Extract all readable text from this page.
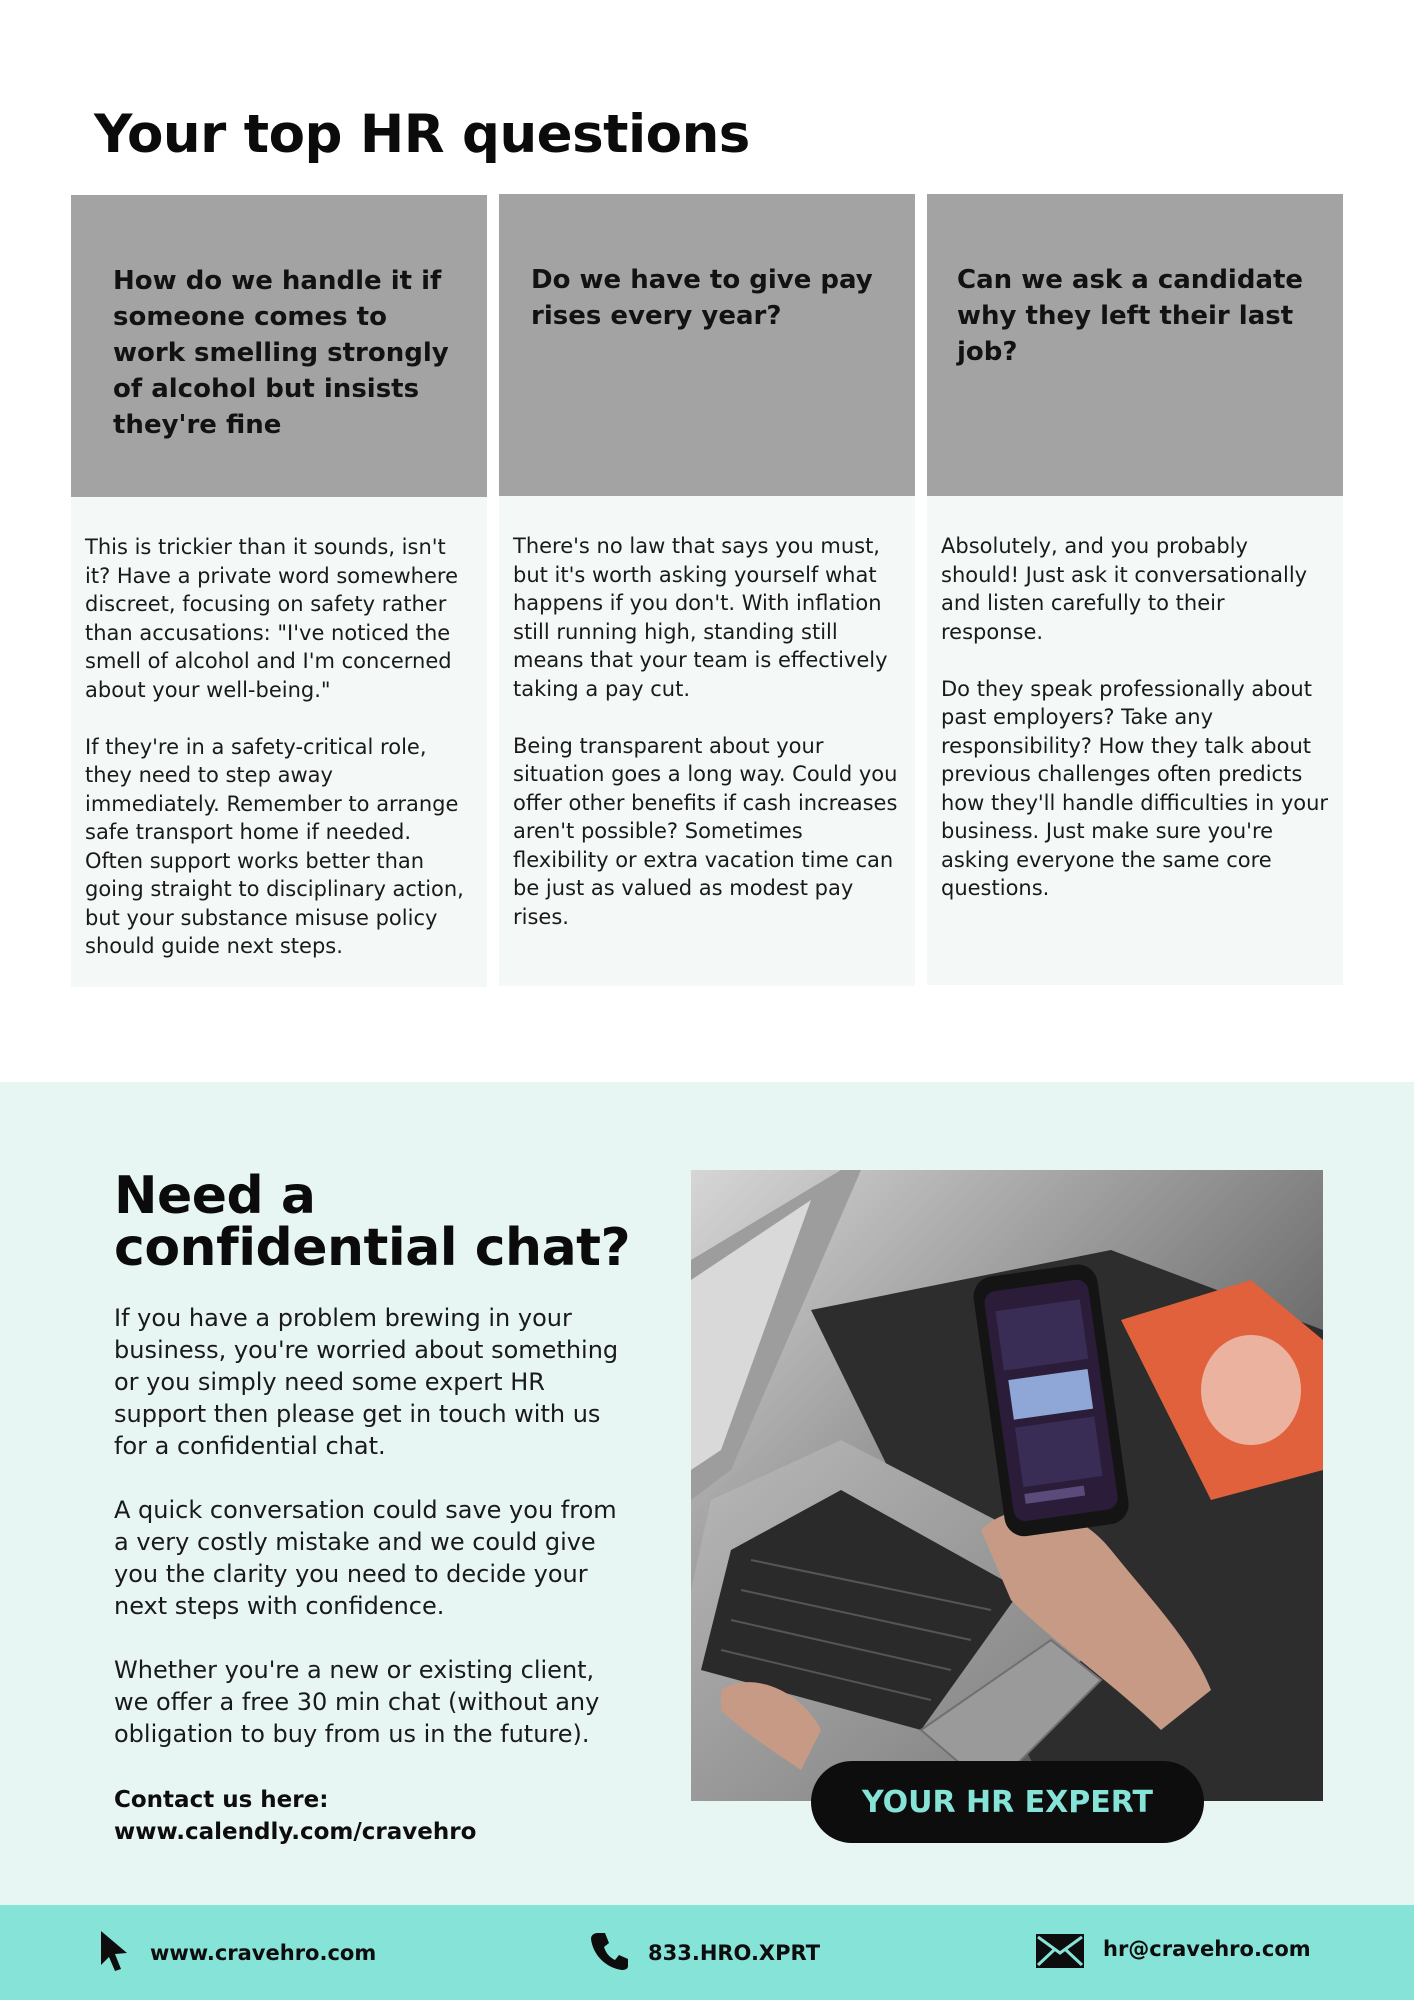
Your top HR questions
How do we handle it if someone comes to work smelling strongly of alcohol but insists they're fine

This is trickier than it sounds, isn't it? Have a private word somewhere discreet, focusing on safety rather than accusations: "I've noticed the smell of alcohol and I'm concerned about your well-being."

If they're in a safety-critical role, they need to step away immediately. Remember to arrange safe transport home if needed. Often support works better than going straight to disciplinary action, but your substance misuse policy should guide next steps.

Do we have to give pay rises every year?

There's no law that says you must, but it's worth asking yourself what happens if you don't. With inflation still running high, standing still means that your team is effectively taking a pay cut.

Being transparent about your situation goes a long way. Could you offer other benefits if cash increases aren't possible? Sometimes flexibility or extra vacation time can be just as valued as modest pay rises.

Can we ask a candidate why they left their last job?

Absolutely, and you probably should! Just ask it conversationally and listen carefully to their response.

Do they speak professionally about past employers? Take any responsibility? How they talk about previous challenges often predicts how they'll handle difficulties in your business. Just make sure you're asking everyone the same core questions.

Need a confidential chat?

If you have a problem brewing in your business, you're worried about something or you simply need some expert HR support then please get in touch with us for a confidential chat.

A quick conversation could save you from a very costly mistake and we could give you the clarity you need to decide your next steps with confidence.

Whether you're a new or existing client, we offer a free 30 min chat (without any obligation to buy from us in the future).

Contact us here:
www.calendly.com/cravehro
YOUR HR EXPERT
www.cravehro.com	833.HRO.XPRT	hr@cravehro.com
